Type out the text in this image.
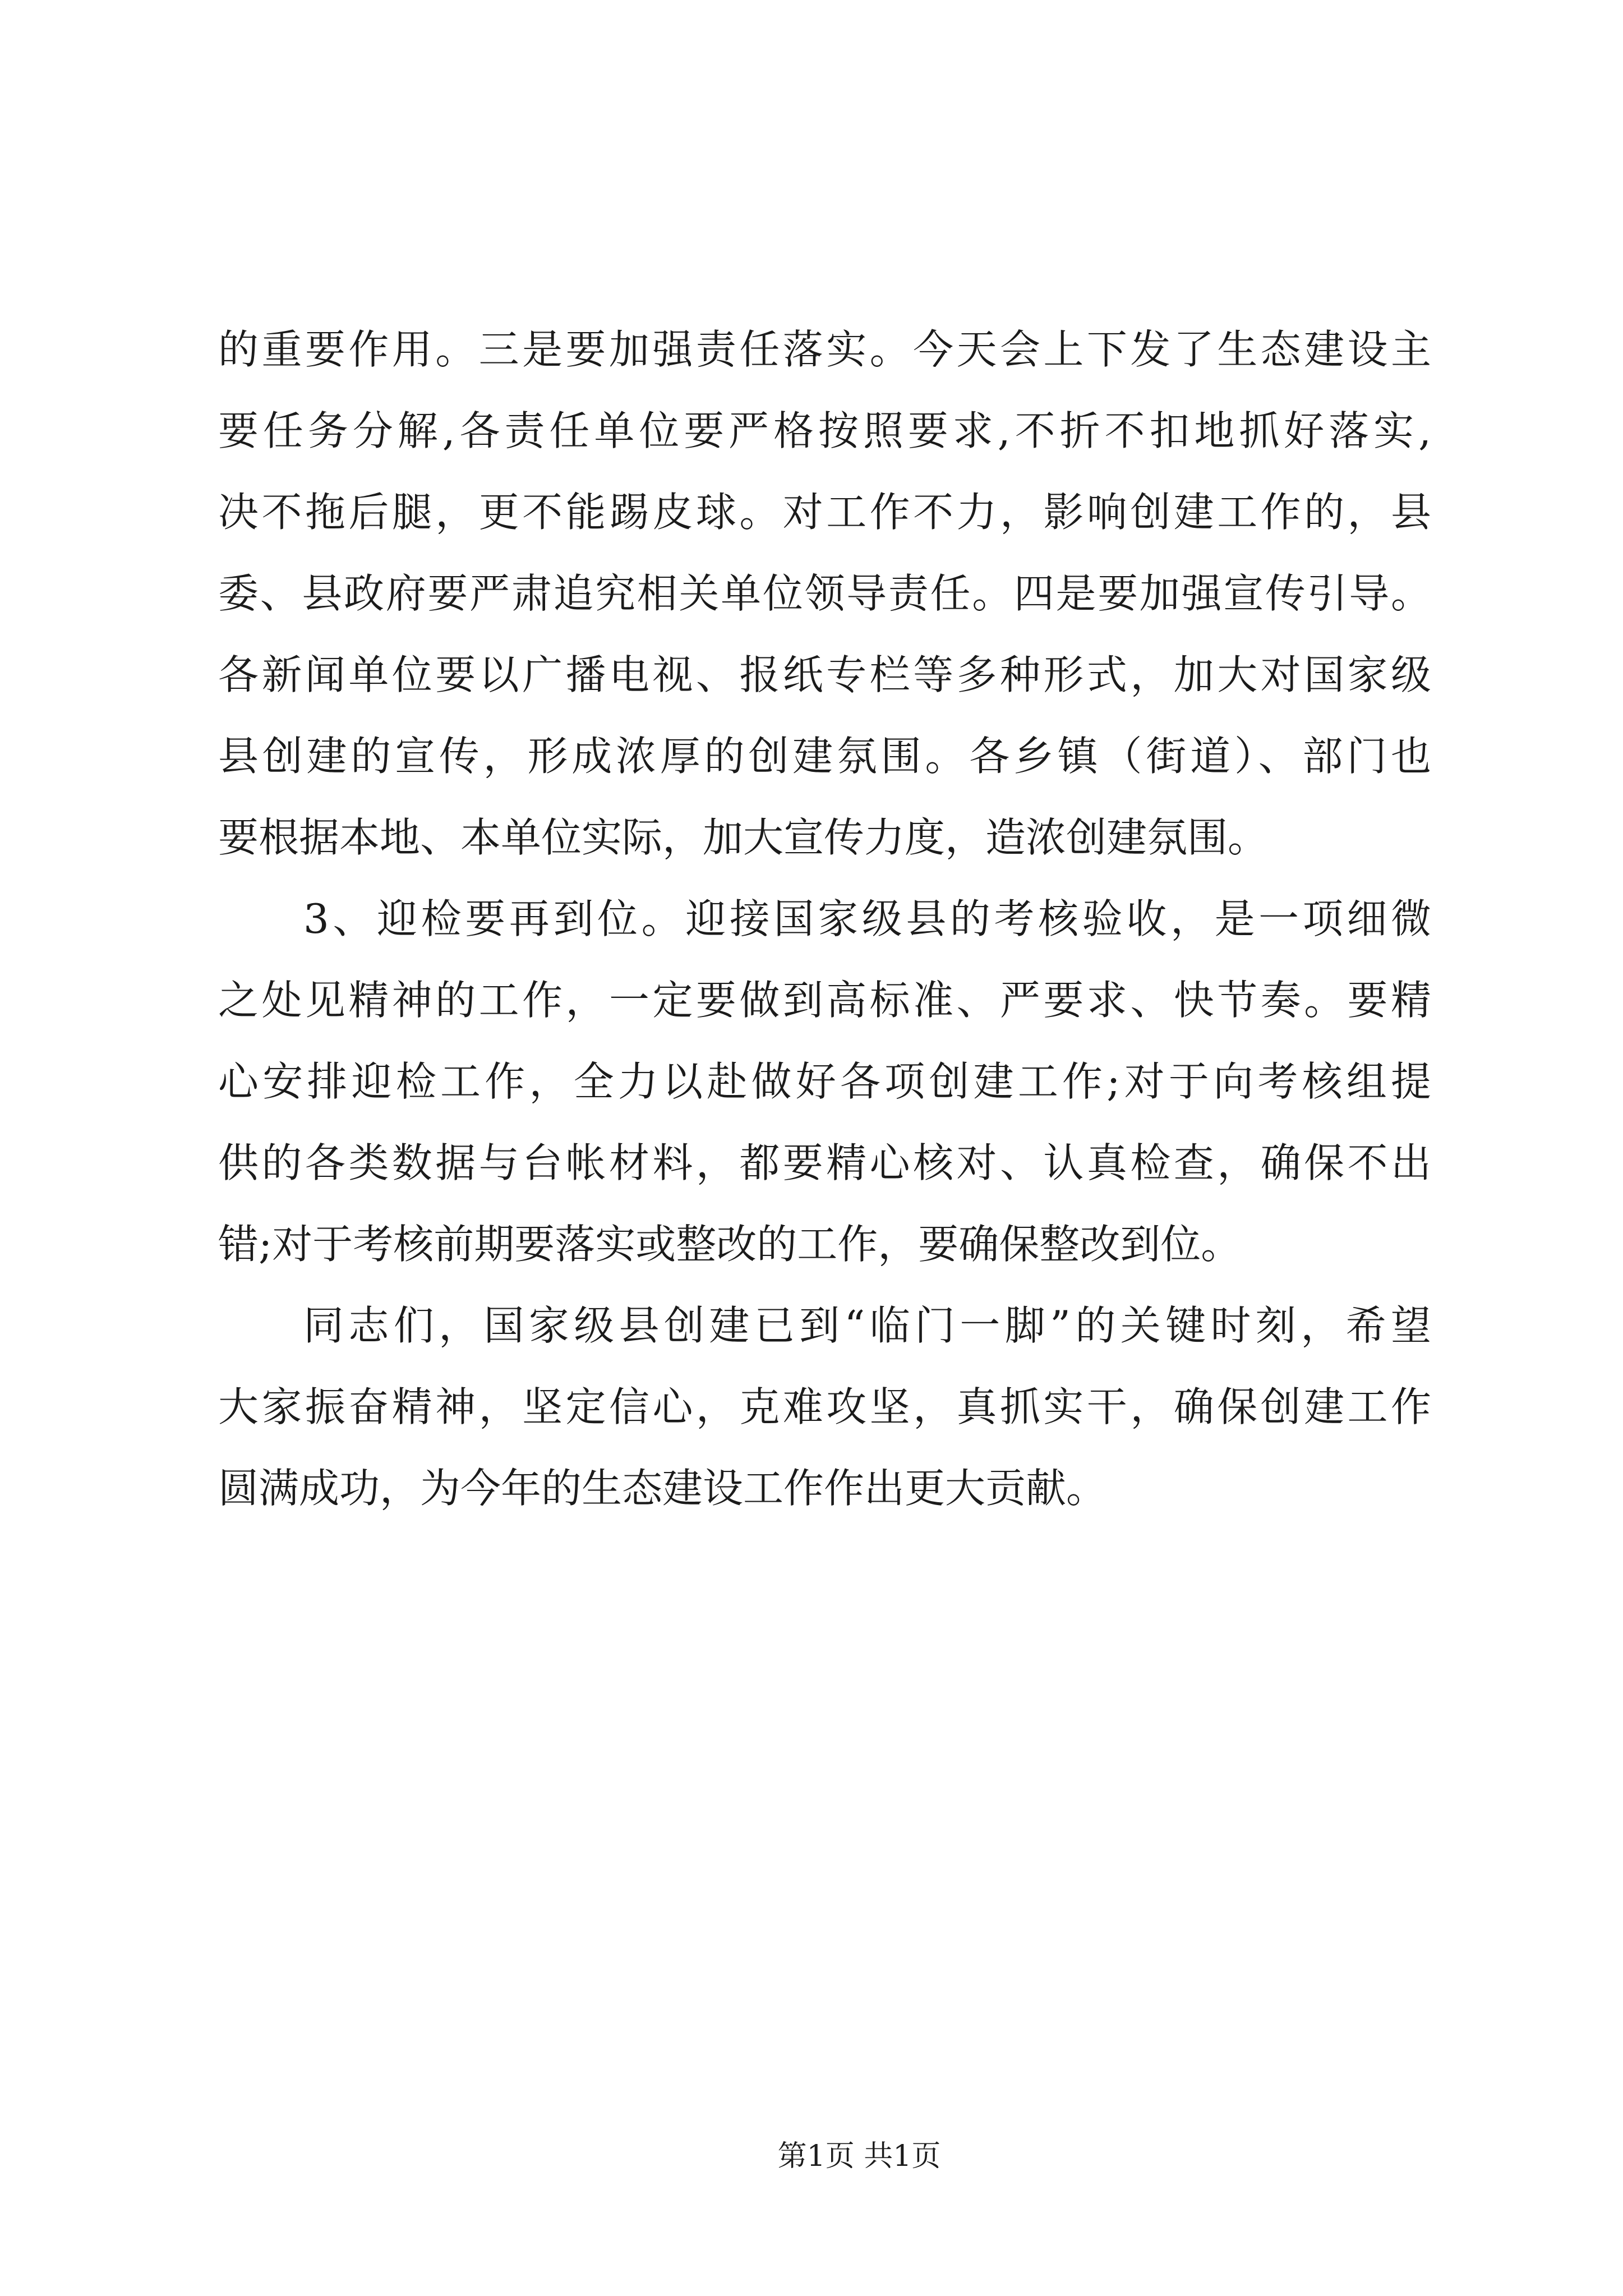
的重要作用。三是要加强责任落实。今天会上下发了生态建设主
要任务分解,各责任单位要严格按照要求,不折不扣地抓好落实,
决不拖后腿，更不能踢皮球。对工作不力，影响创建工作的，县
委、县政府要严肃追究相关单位领导责任。四是要加强宣传引导。
各新闻单位要以广播电视、报纸专栏等多种形式，加大对国家级
县创建的宣传，形成浓厚的创建氛围。各乡镇（街道）、部门也
要根据本地、本单位实际，加大宣传力度，造浓创建氛围。
3、迎检要再到位。迎接国家级县的考核验收，是一项细微
之处见精神的工作，一定要做到高标准、严要求、快节奏。要精
心安排迎检工作，全力以赴做好各项创建工作;对于向考核组提
供的各类数据与台帐材料，都要精心核对、认真检查，确保不出
错;对于考核前期要落实或整改的工作，要确保整改到位。
同志们，国家级县创建已到“临门一脚”的关键时刻，希望
大家振奋精神，坚定信心，克难攻坚，真抓实干，确保创建工作
圆满成功，为今年的生态建设工作作出更大贡献。
第1页 共1页
